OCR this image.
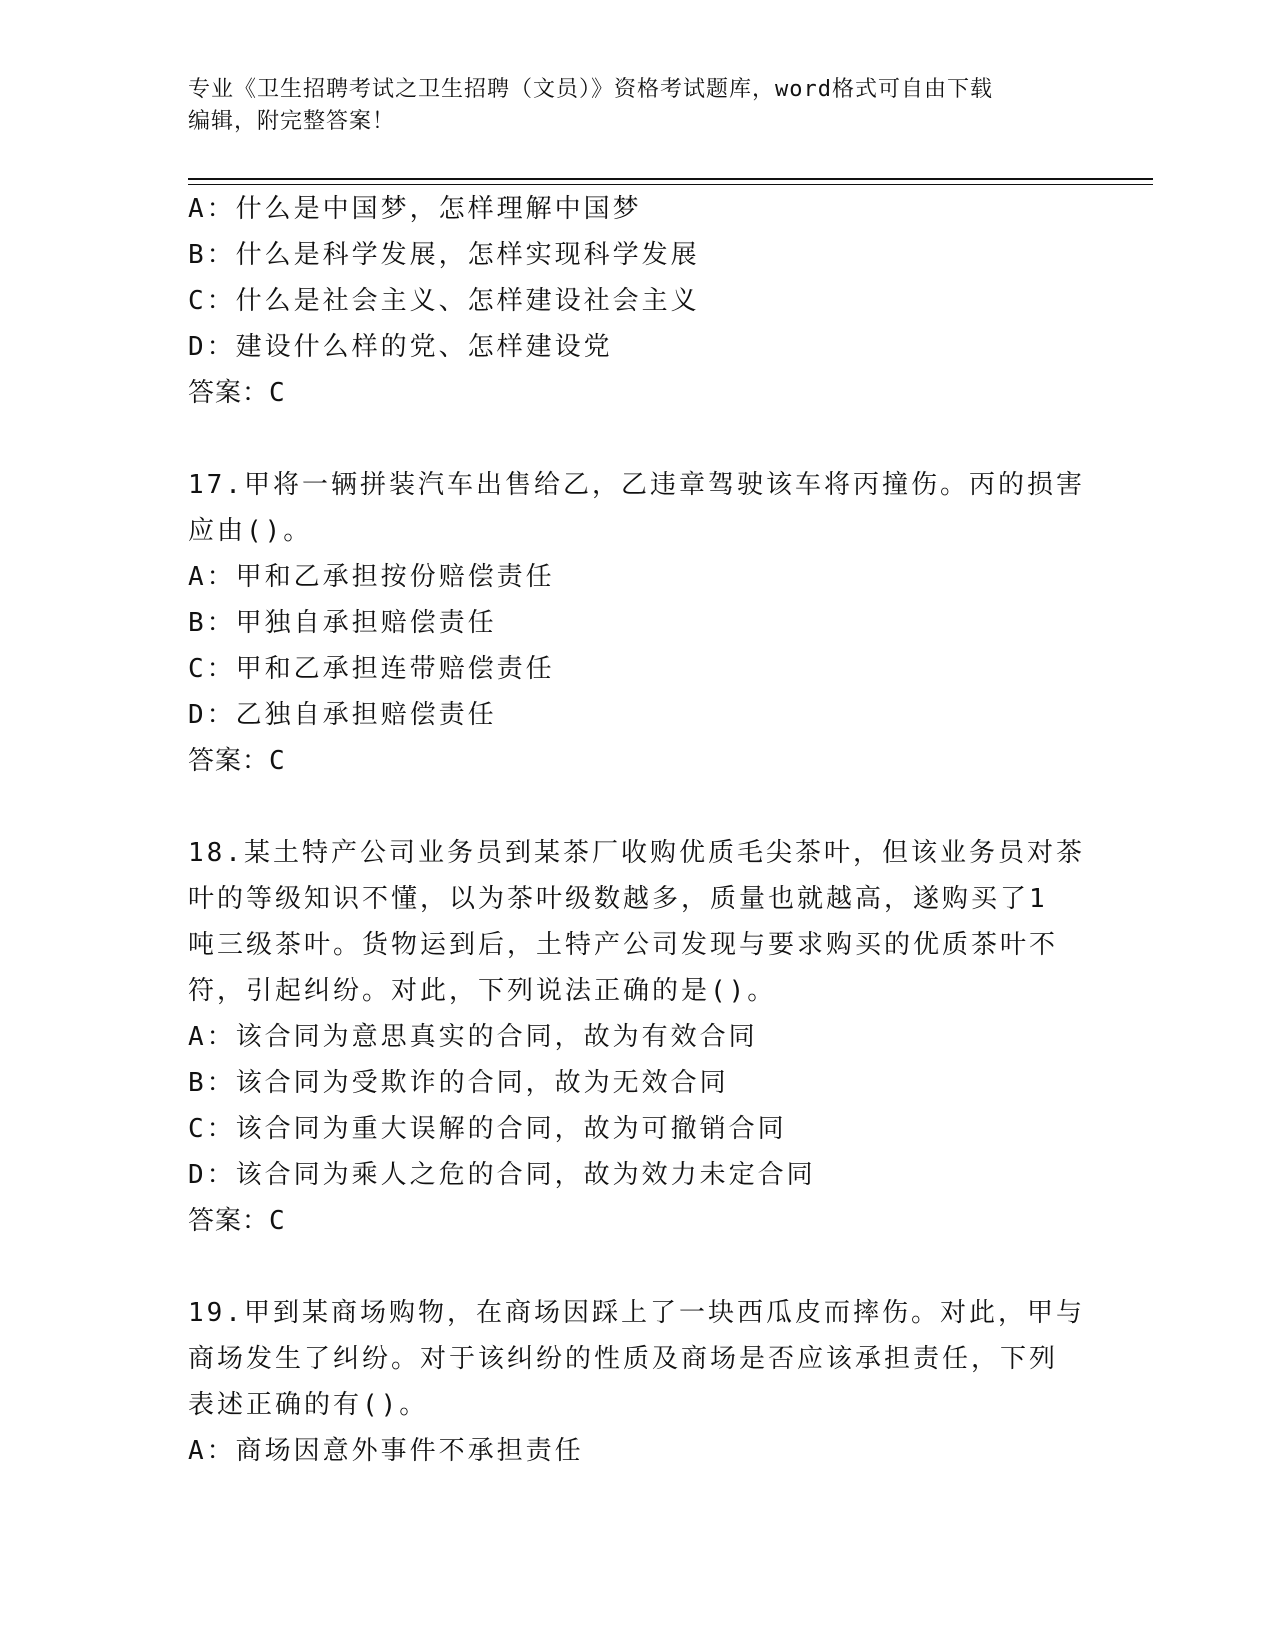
专业《卫生招聘考试之卫生招聘（文员）》资格考试题库，word格式可自由下载
编辑，附完整答案！
A：什么是中国梦，怎样理解中国梦
B：什么是科学发展，怎样实现科学发展
C：什么是社会主义、怎样建设社会主义
D：建设什么样的党、怎样建设党
答案：C
17.甲将一辆拼装汽车出售给乙，乙违章驾驶该车将丙撞伤。丙的损害
应由()。
A：甲和乙承担按份赔偿责任
B：甲独自承担赔偿责任
C：甲和乙承担连带赔偿责任
D：乙独自承担赔偿责任
答案：C
18.某土特产公司业务员到某茶厂收购优质毛尖茶叶，但该业务员对茶
叶的等级知识不懂，以为茶叶级数越多，质量也就越高，遂购买了1
吨三级茶叶。货物运到后，土特产公司发现与要求购买的优质茶叶不
符，引起纠纷。对此，下列说法正确的是()。
A：该合同为意思真实的合同，故为有效合同
B：该合同为受欺诈的合同，故为无效合同
C：该合同为重大误解的合同，故为可撤销合同
D：该合同为乘人之危的合同，故为效力未定合同
答案：C
19.甲到某商场购物，在商场因踩上了一块西瓜皮而摔伤。对此，甲与
商场发生了纠纷。对于该纠纷的性质及商场是否应该承担责任，下列
表述正确的有()。
A：商场因意外事件不承担责任
